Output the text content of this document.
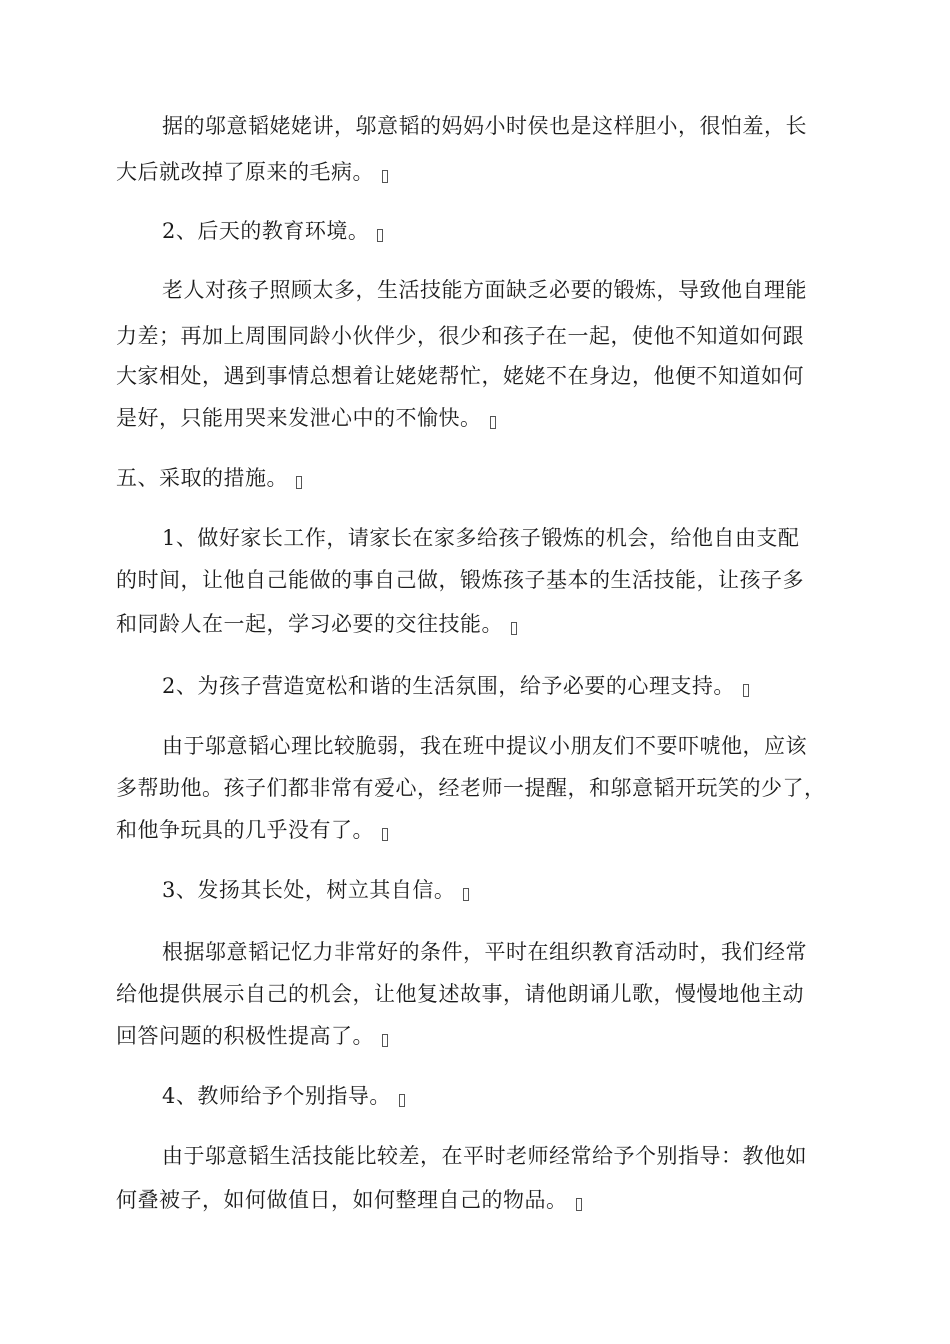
据的邬意韬姥姥讲，邬意韬的妈妈小时侯也是这样胆小，很怕羞，长
大后就改掉了原来的毛病。
2、后天的教育环境。
老人对孩子照顾太多，生活技能方面缺乏必要的锻炼，导致他自理能
力差；再加上周围同龄小伙伴少，很少和孩子在一起，使他不知道如何跟
大家相处，遇到事情总想着让姥姥帮忙，姥姥不在身边，他便不知道如何
是好，只能用哭来发泄心中的不愉快。
五、采取的措施。
1、做好家长工作，请家长在家多给孩子锻炼的机会，给他自由支配
的时间，让他自己能做的事自己做，锻炼孩子基本的生活技能，让孩子多
和同龄人在一起，学习必要的交往技能。
2、为孩子营造宽松和谐的生活氛围，给予必要的心理支持。
由于邬意韬心理比较脆弱，我在班中提议小朋友们不要吓唬他，应该
多帮助他。孩子们都非常有爱心，经老师一提醒，和邬意韬开玩笑的少了，
和他争玩具的几乎没有了。
3、发扬其长处，树立其自信。
根据邬意韬记忆力非常好的条件，平时在组织教育活动时，我们经常
给他提供展示自己的机会，让他复述故事，请他朗诵儿歌，慢慢地他主动
回答问题的积极性提高了。
4、教师给予个别指导。
由于邬意韬生活技能比较差，在平时老师经常给予个别指导：教他如
何叠被子，如何做值日，如何整理自己的物品。
